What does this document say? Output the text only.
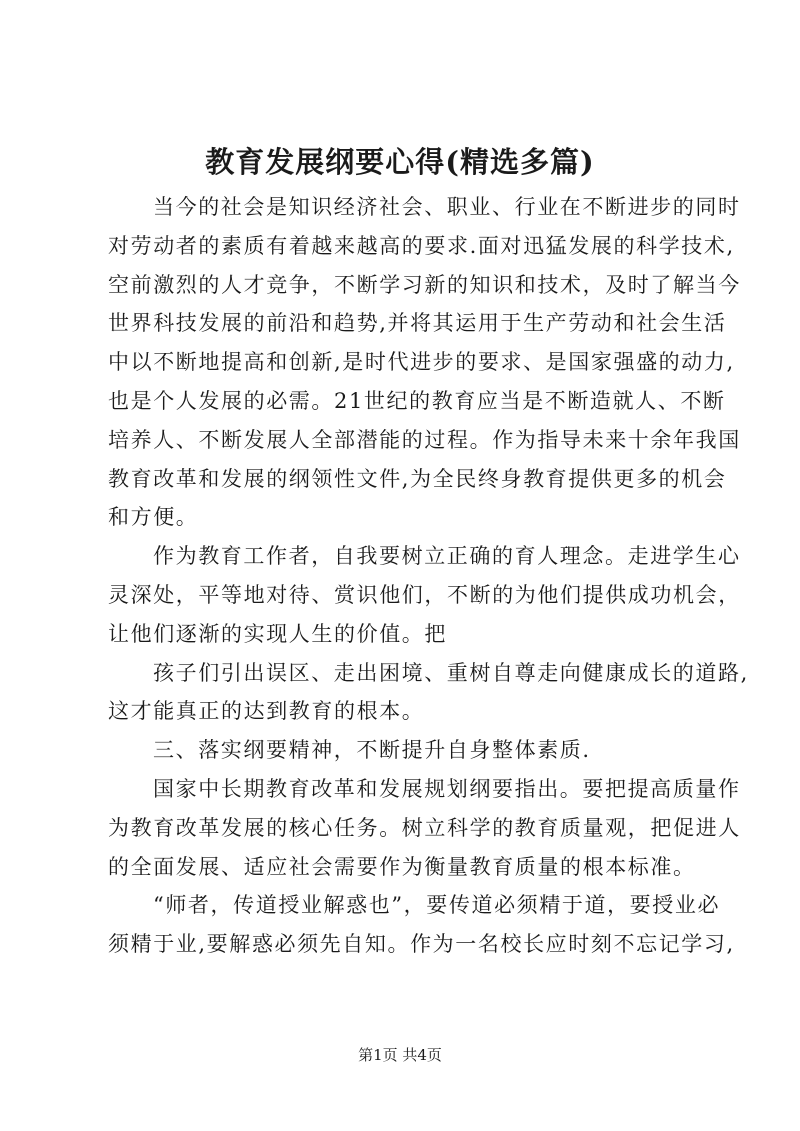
教育发展纲要心得(精选多篇)
当今的社会是知识经济社会、职业、行业在不断进步的同时
对劳动者的素质有着越来越高的要求.面对迅猛发展的科学技术,
空前激烈的人才竞争，不断学习新的知识和技术，及时了解当今
世界科技发展的前沿和趋势,并将其运用于生产劳动和社会生活
中以不断地提高和创新,是时代进步的要求、是国家强盛的动力,
也是个人发展的必需。21世纪的教育应当是不断造就人、不断
培养人、不断发展人全部潜能的过程。作为指导未来十余年我国
教育改革和发展的纲领性文件,为全民终身教育提供更多的机会
和方便。
作为教育工作者，自我要树立正确的育人理念。走进学生心
灵深处，平等地对待、赏识他们，不断的为他们提供成功机会，
让他们逐渐的实现人生的价值。把
孩子们引出误区、走出困境、重树自尊走向健康成长的道路,
这才能真正的达到教育的根本。
三、落实纲要精神，不断提升自身整体素质.
国家中长期教育改革和发展规划纲要指出。要把提高质量作
为教育改革发展的核心任务。树立科学的教育质量观，把促进人
的全面发展、适应社会需要作为衡量教育质量的根本标准。
“师者，传道授业解惑也”，要传道必须精于道，要授业必
须精于业,要解惑必须先自知。作为一名校长应时刻不忘记学习,
第1页 共4页
